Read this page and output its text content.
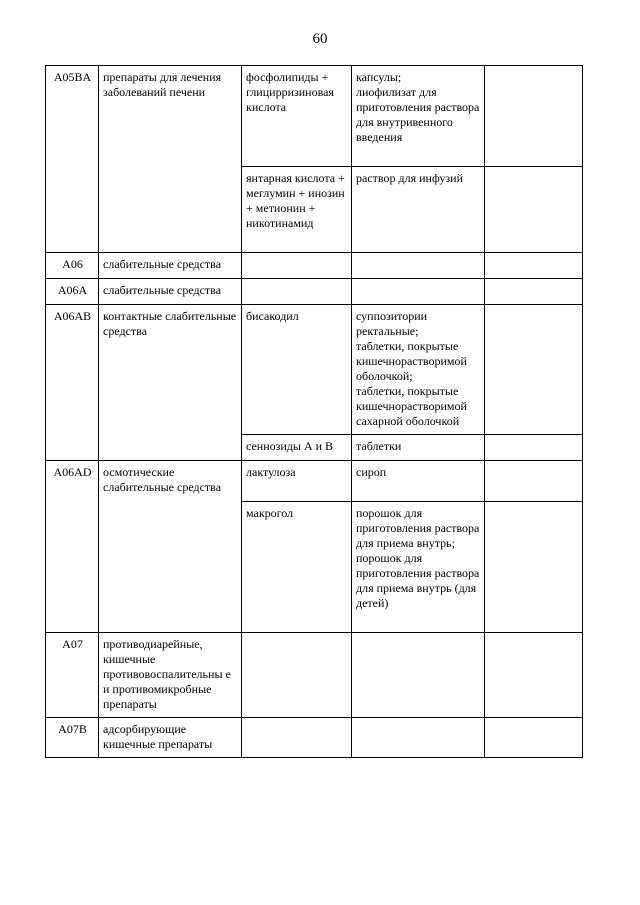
60
A05BA	препараты для лечения заболеваний печени	фосфолипиды + глицирризиновая кислота	капсулы;
лиофилизат для приготовления раствора для внутривенного введения	
		янтарная кислота + меглумин + инозин + метионин + никотинамид	раствор для инфузий	
A06	слабительные средства			
A06A	слабительные средства			
A06AB	контактные слабительные средства	бисакодил	суппозитории ректальные;
таблетки, покрытые кишечнорастворимой оболочкой;
таблетки, покрытые кишечнорастворимой сахарной оболочкой	
		сеннозиды А и В	таблетки	
A06AD	осмотические слабительные средства	лактулоза	сироп	
		макрогол	порошок для приготовления раствора для приема внутрь;
порошок для приготовления раствора для приема внутрь (для детей)	
A07	противодиарейные, кишечные противовоспалительны е и противомикробные препараты			
A07B	адсорбирующие кишечные препараты			
